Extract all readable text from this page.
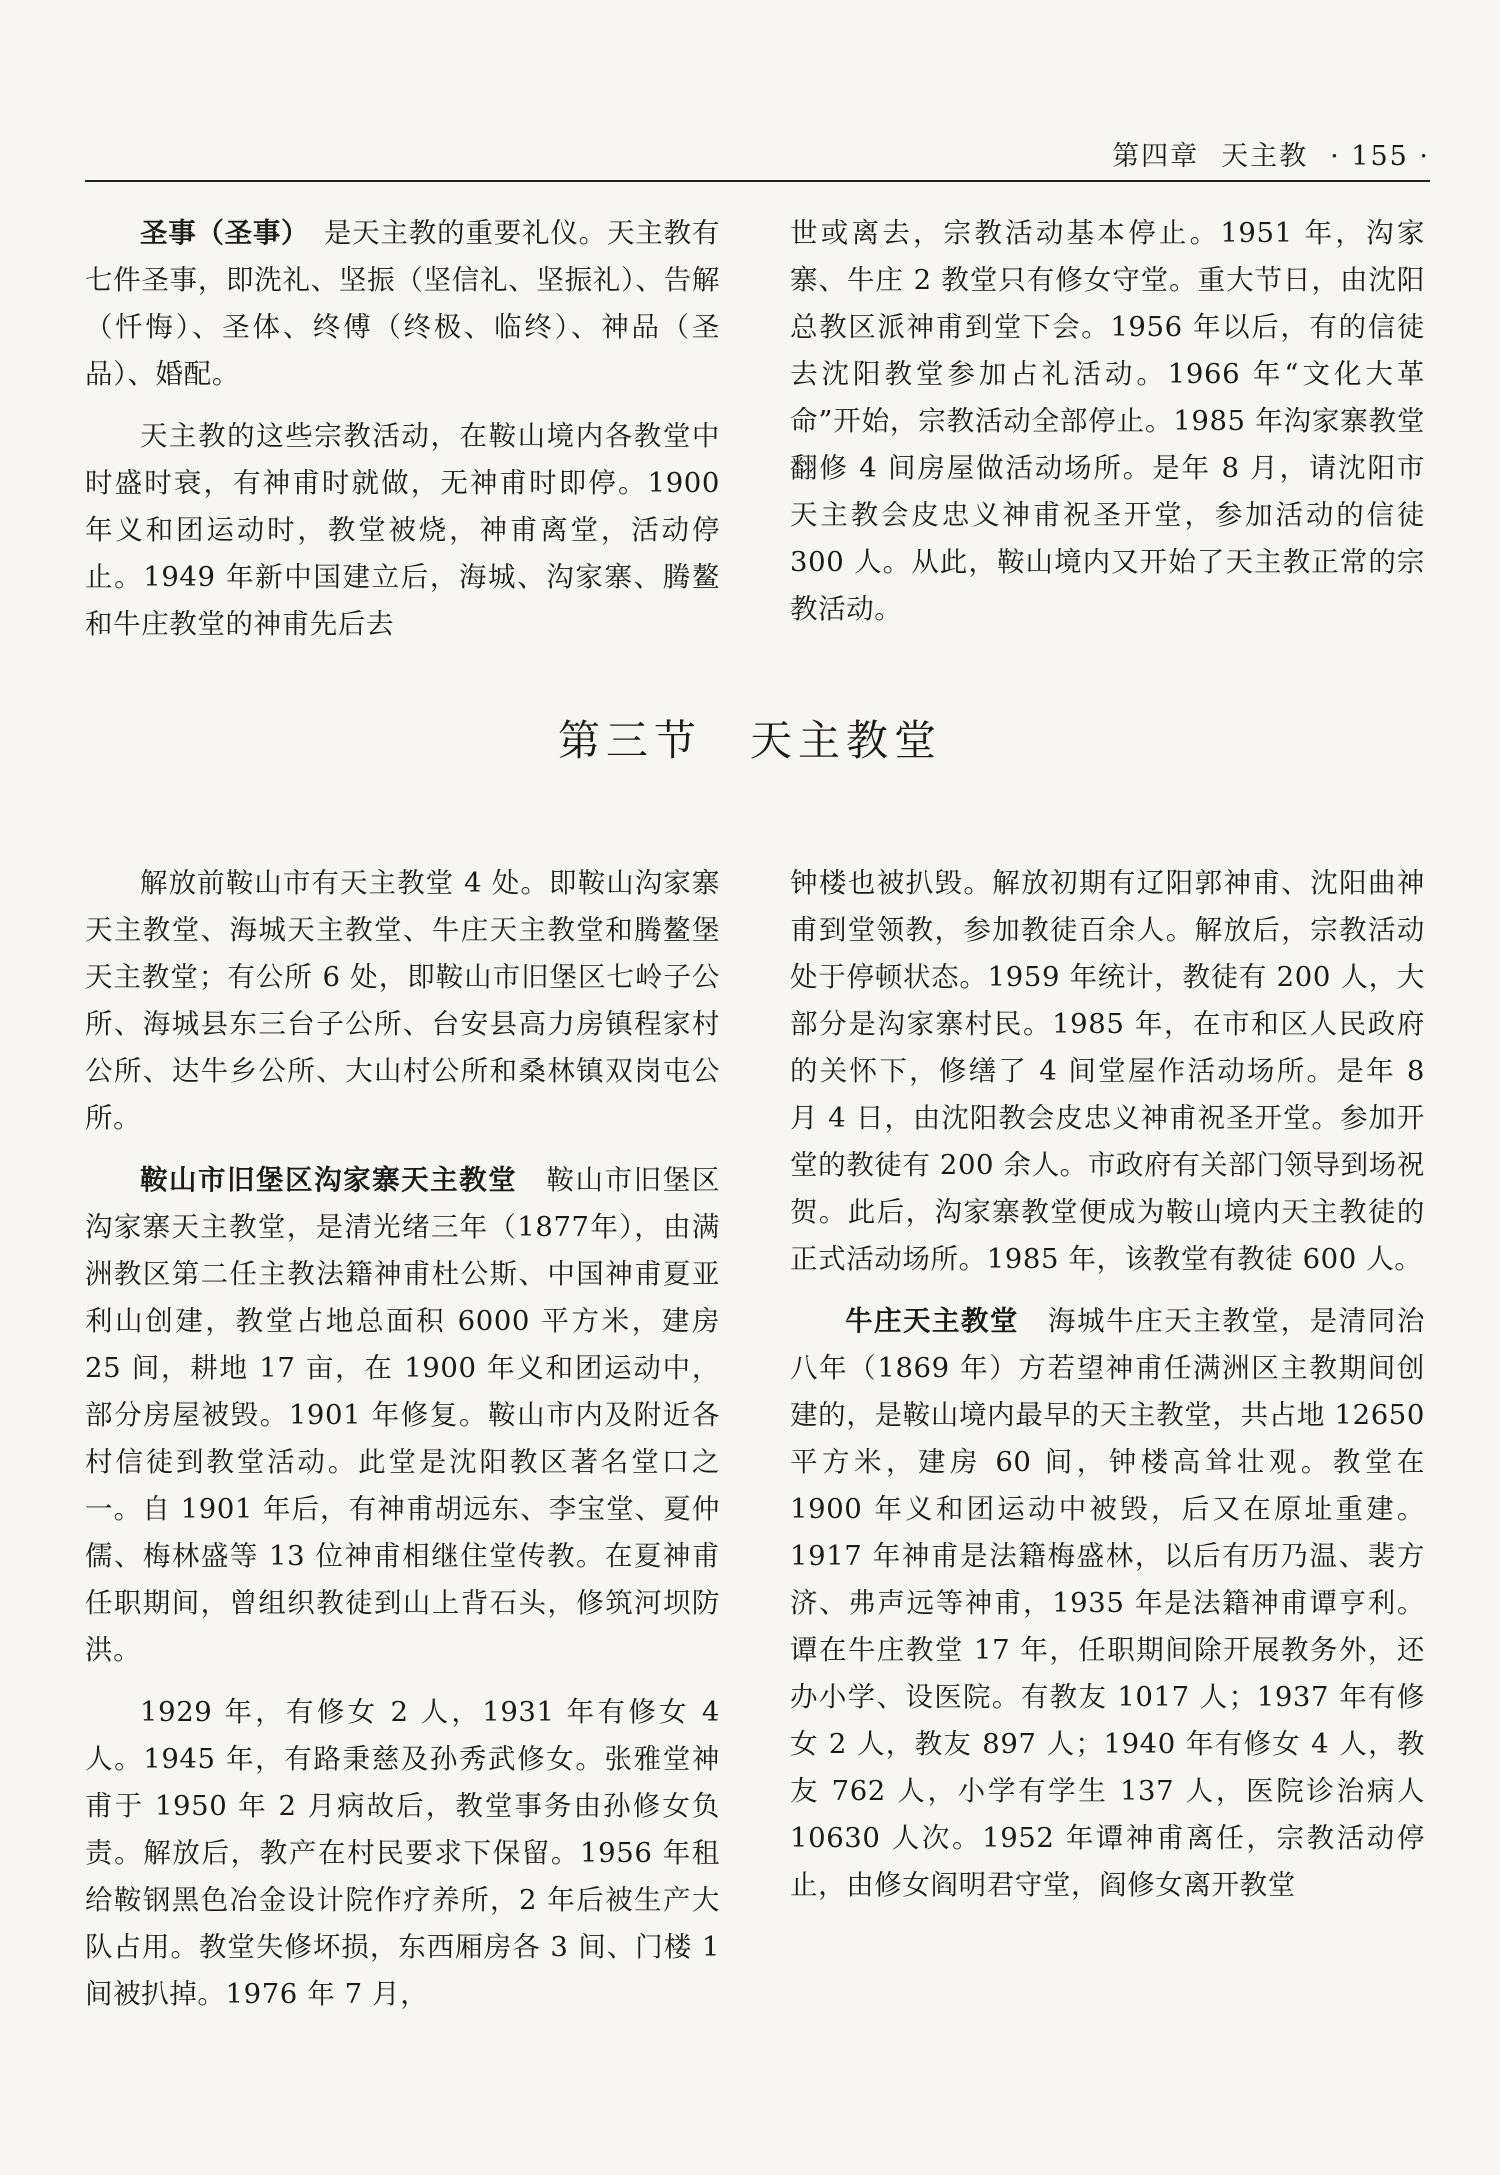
第四章 天主教 · 155 ·

圣事（圣事）　 是天主教的重要礼仪。天主教有七件圣事，即洗礼、坚振（坚信礼、坚振礼）、告解（忏悔）、圣体、终傅（终极、临终）、神品（圣品）、婚配。

天主教的这些宗教活动，在鞍山境内各教堂中时盛时衰，有神甫时就做，无神甫时即停。1900 年义和团运动时，教堂被烧，神甫离堂，活动停止。1949 年新中国建立后，海城、沟家寨、腾鳌和牛庄教堂的神甫先后去

世或离去，宗教活动基本停止。1951 年，沟家寨、牛庄 2 教堂只有修女守堂。重大节日，由沈阳总教区派神甫到堂下会。1956 年以后，有的信徒去沈阳教堂参加占礼活动。1966 年“文化大革命”开始，宗教活动全部停止。1985 年沟家寨教堂翻修 4 间房屋做活动场所。是年 8 月，请沈阳市天主教会皮忠义神甫祝圣开堂，参加活动的信徒 300 人。从此，鞍山境内又开始了天主教正常的宗教活动。

第三节 天主教堂

解放前鞍山市有天主教堂 4 处。即鞍山沟家寨天主教堂、海城天主教堂、牛庄天主教堂和腾鳌堡天主教堂；有公所 6 处，即鞍山市旧堡区七岭子公所、海城县东三台子公所、台安县高力房镇程家村公所、达牛乡公所、大山村公所和桑林镇双岗屯公所。

鞍山市旧堡区沟家寨天主教堂　 鞍山市旧堡区沟家寨天主教堂，是清光绪三年（1877年），由满洲教区第二任主教法籍神甫杜公斯、中国神甫夏亚利山创建，教堂占地总面积 6000 平方米，建房 25 间，耕地 17 亩，在 1900 年义和团运动中，部分房屋被毁。1901 年修复。鞍山市内及附近各村信徒到教堂活动。此堂是沈阳教区著名堂口之一。自 1901 年后，有神甫胡远东、李宝堂、夏仲儒、梅林盛等 13 位神甫相继住堂传教。在夏神甫任职期间，曾组织教徒到山上背石头，修筑河坝防洪。

1929 年，有修女 2 人，1931 年有修女 4 人。1945 年，有路秉慈及孙秀武修女。张雅堂神甫于 1950 年 2 月病故后，教堂事务由孙修女负责。解放后，教产在村民要求下保留。1956 年租给鞍钢黑色冶金设计院作疗养所，2 年后被生产大队占用。教堂失修坏损，东西厢房各 3 间、门楼 1 间被扒掉。1976 年 7 月，

钟楼也被扒毁。解放初期有辽阳郭神甫、沈阳曲神甫到堂领教，参加教徒百余人。解放后，宗教活动处于停顿状态。1959 年统计，教徒有 200 人，大部分是沟家寨村民。1985 年，在市和区人民政府的关怀下，修缮了 4 间堂屋作活动场所。是年 8 月 4 日，由沈阳教会皮忠义神甫祝圣开堂。参加开堂的教徒有 200 余人。市政府有关部门领导到场祝贺。此后，沟家寨教堂便成为鞍山境内天主教徒的正式活动场所。1985 年，该教堂有教徒 600 人。

牛庄天主教堂　 海城牛庄天主教堂，是清同治八年（1869 年）方若望神甫任满洲区主教期间创建的，是鞍山境内最早的天主教堂，共占地 12650 平方米，建房 60 间，钟楼高耸壮观。教堂在 1900 年义和团运动中被毁，后又在原址重建。1917 年神甫是法籍梅盛林，以后有历乃温、裴方济、弗声远等神甫，1935 年是法籍神甫谭亨利。谭在牛庄教堂 17 年，任职期间除开展教务外，还办小学、设医院。有教友 1017 人；1937 年有修女 2 人，教友 897 人；1940 年有修女 4 人，教友 762 人，小学有学生 137 人，医院诊治病人 10630 人次。1952 年谭神甫离任，宗教活动停止，由修女阎明君守堂，阎修女离开教堂
